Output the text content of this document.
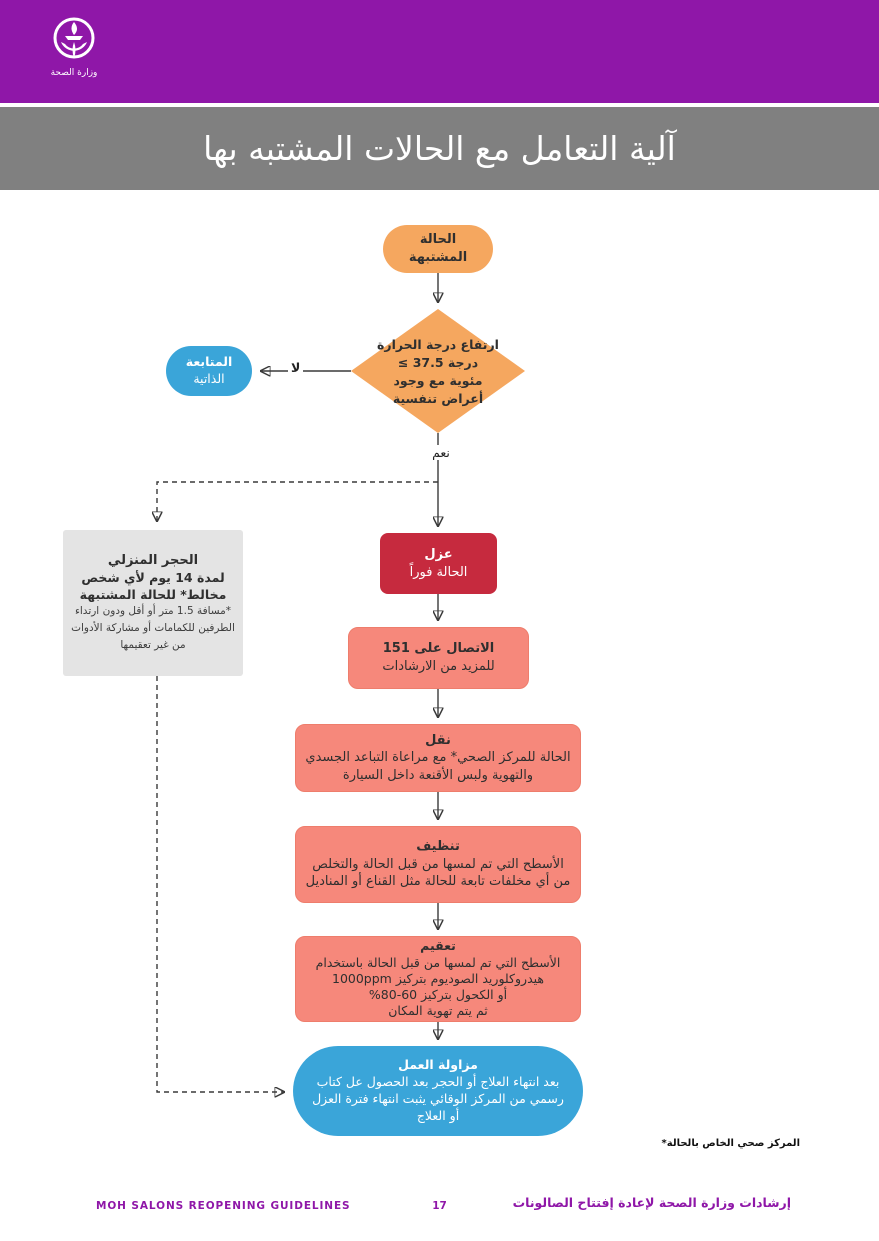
وزارة الصحة
آلية التعامل مع الحالات المشتبه بها
الحالة
المشتبهة
ارتفاع درجة الحرارة
≤ 37.5 درجة
مئوية مع وجود
أعراض تنفسية
لا
نعم
المتابعة
الذاتية
عزل
الحالة فوراً
الحجر المنزلي
لمدة 14 يوم لأي شخص
مخالط* للحالة المشتبهة
*مسافة 1.5 متر أو أقل ودون ارتداء
الطرفين للكمامات أو مشاركة الأدوات
من غير تعقيمها	الاتصال على 151
للمزيد من الارشادات
نقل
الحالة للمركز الصحي* مع مراعاة التباعد الجسدي
والتهوية ولبس الأقنعة داخل السيارة
تنظيف
الأسطح التي تم لمسها من قبل الحالة والتخلص
من أي مخلفات تابعة للحالة مثل القناع أو المناديل
تعقيم
الأسطح التي تم لمسها من قبل الحالة باستخدام
هيدروكلوريد الصوديوم بتركيز 1000ppm
أو الكحول بتركيز 60-80%
ثم يتم تهوية المكان
مزاولة العمل
بعد انتهاء العلاج أو الحجر بعد الحصول عل كتاب
رسمي من المركز الوقائي يثبت انتهاء فترة العزل
أو العلاج
المركز صحي الخاص بالحالة*
MOH SALONS REOPENING GUIDELINES	17	إرشادات وزارة الصحة لإعادة إفتتاح الصالونات
